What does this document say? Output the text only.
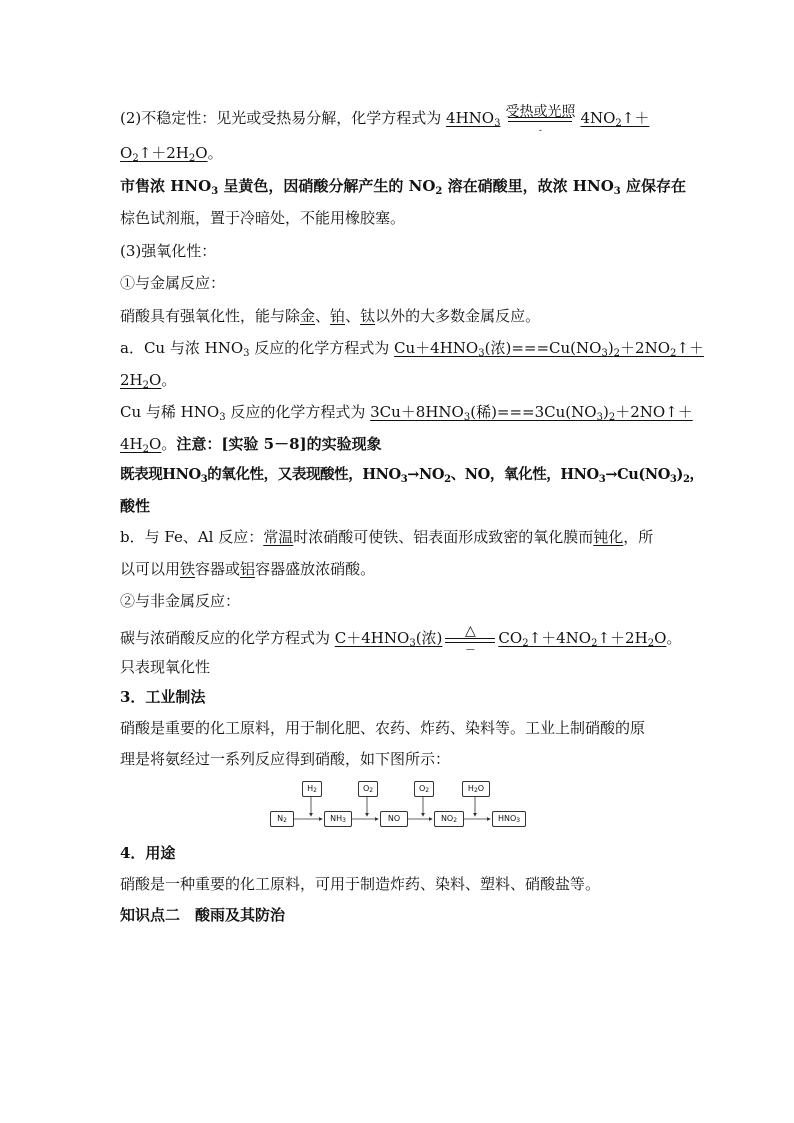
(2)不稳定性：见光或受热易分解，化学方程式为 $4HNO_3$
受热或光照
-
$4NO_2↑+$
$O_2↑+2H_2O$。
市售浓 $HNO_3$ 呈黄色，因硝酸分解产生的 $NO_2$ 溶在硝酸里，故浓 $HNO_3$ 应保存在
棕色试剂瓶，置于冷暗处，不能用橡胶塞。
(3)强氧化性：
①与金属反应：
硝酸具有强氧化性，能与除金、铂、钛以外的大多数金属反应。
a．Cu 与浓 $HNO_3$ 反应的化学方程式为 $Cu+4HNO_3$(浓)$===Cu(NO_3)_2+2NO_2↑+$
$2H_2O$。
Cu 与稀 $HNO_3$ 反应的化学方程式为 $3Cu+8HNO_3$(稀)$===3Cu(NO_3)_2+2NO↑+$
$4H_2O$。注意：[实验 5－8]的实验现象
既表现$HNO_3$的氧化性，又表现酸性，$HNO_3\to NO_2$、NO，氧化性，$HNO_3\to Cu(NO_3)_2$，
酸性
b．与 Fe、Al 反应：常温时浓硝酸可使铁、铝表面形成致密的氧化膜而钝化，所
以可以用铁容器或铝容器盛放浓硝酸。
②与非金属反应：
碳与浓硝酸反应的化学方程式为 $C+4HNO_3$(浓)	△
—
$CO_2↑+4NO_2↑+2H_2O$。
只表现氧化性
3．工业制法
硝酸是重要的化工原料，用于制化肥、农药、炸药、染料等。工业上制硝酸的原
理是将氨经过一系列反应得到硝酸，如下图所示：
$H_2$	$O_2$	$O_2$	$H_2O$
$N_2$	$NH_3$	NO	$NO_2$	$HNO_3$
4．用途
硝酸是一种重要的化工原料，可用于制造炸药、染料、塑料、硝酸盐等。
知识点二　酸雨及其防治
